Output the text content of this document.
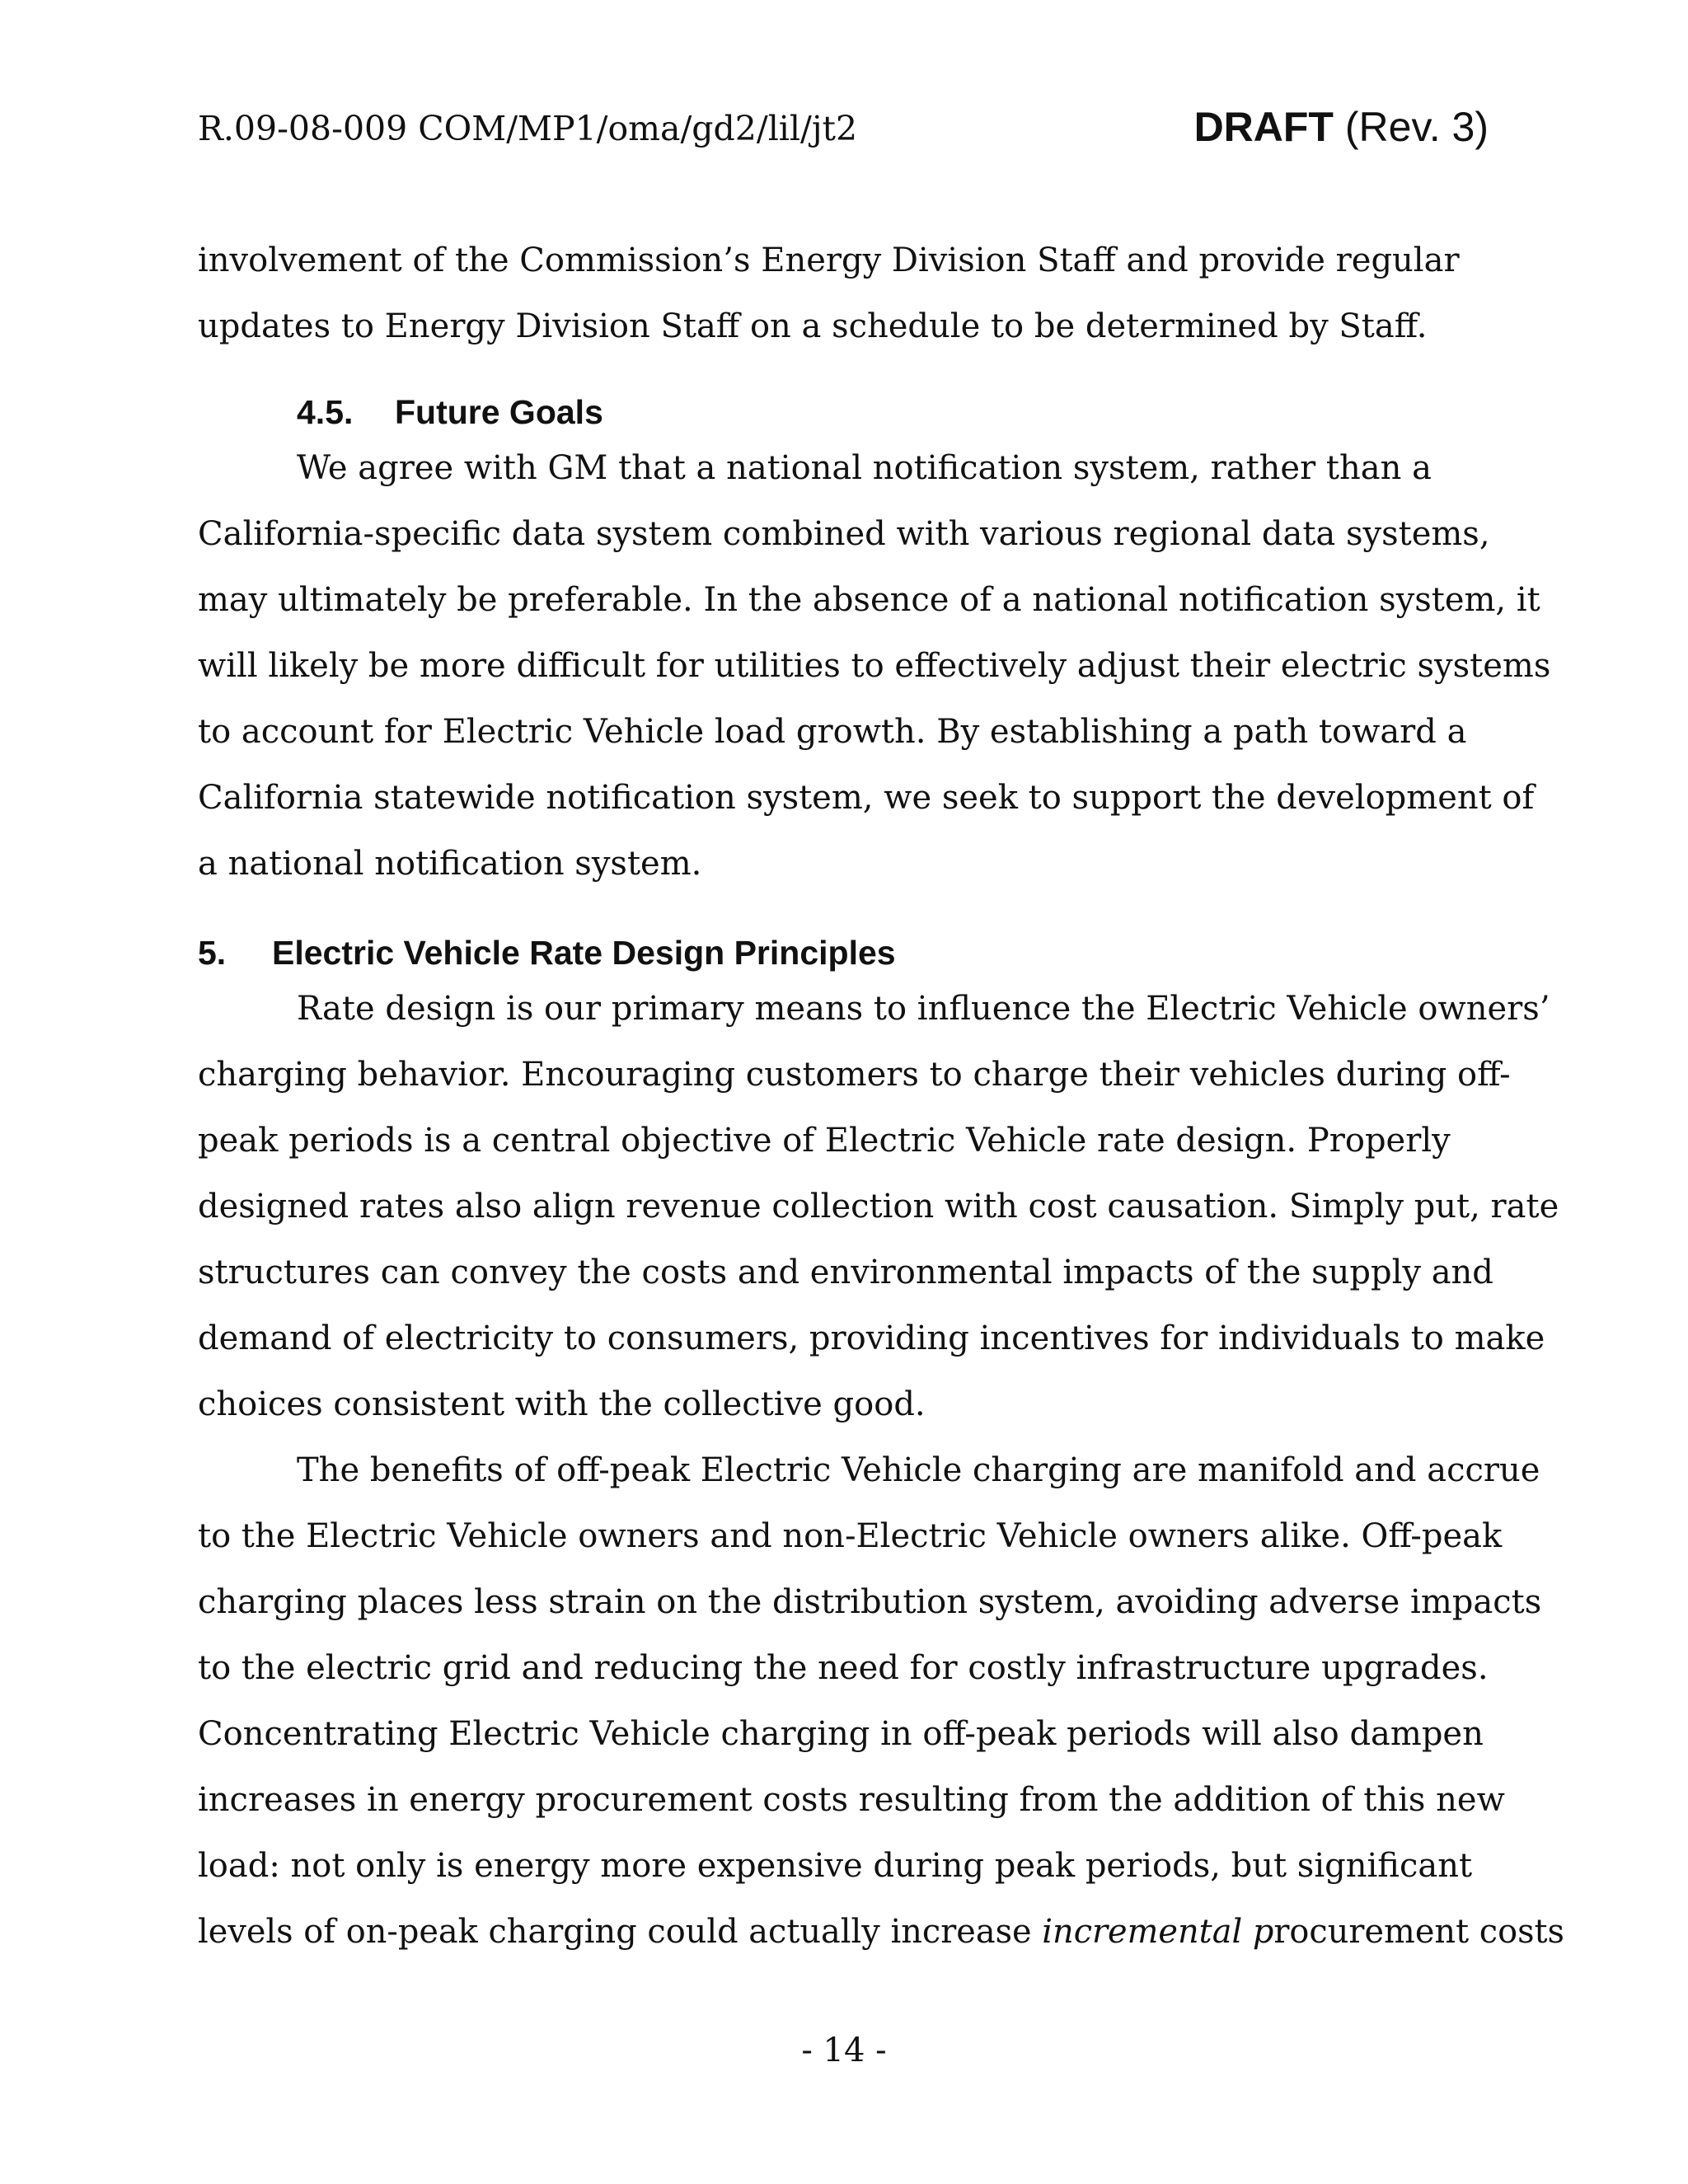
R.09-08-009 COM/MP1/oma/gd2/lil/jt2	DRAFT (Rev. 3)
involvement of the Commission’s Energy Division Staff and provide regular
updates to Energy Division Staff on a schedule to be determined by Staff.
4.5. Future Goals
We agree with GM that a national notification system, rather than a
California-specific data system combined with various regional data systems,
may ultimately be preferable. In the absence of a national notification system, it
will likely be more difficult for utilities to effectively adjust their electric systems
to account for Electric Vehicle load growth. By establishing a path toward a
California statewide notification system, we seek to support the development of
a national notification system.
5. Electric Vehicle Rate Design Principles
Rate design is our primary means to influence the Electric Vehicle owners’
charging behavior. Encouraging customers to charge their vehicles during off-
peak periods is a central objective of Electric Vehicle rate design. Properly
designed rates also align revenue collection with cost causation. Simply put, rate
structures can convey the costs and environmental impacts of the supply and
demand of electricity to consumers, providing incentives for individuals to make
choices consistent with the collective good.
The benefits of off-peak Electric Vehicle charging are manifold and accrue
to the Electric Vehicle owners and non-Electric Vehicle owners alike. Off-peak
charging places less strain on the distribution system, avoiding adverse impacts
to the electric grid and reducing the need for costly infrastructure upgrades.
Concentrating Electric Vehicle charging in off-peak periods will also dampen
increases in energy procurement costs resulting from the addition of this new
load: not only is energy more expensive during peak periods, but significant
levels of on-peak charging could actually increase incremental procurement costs
- 14 -
